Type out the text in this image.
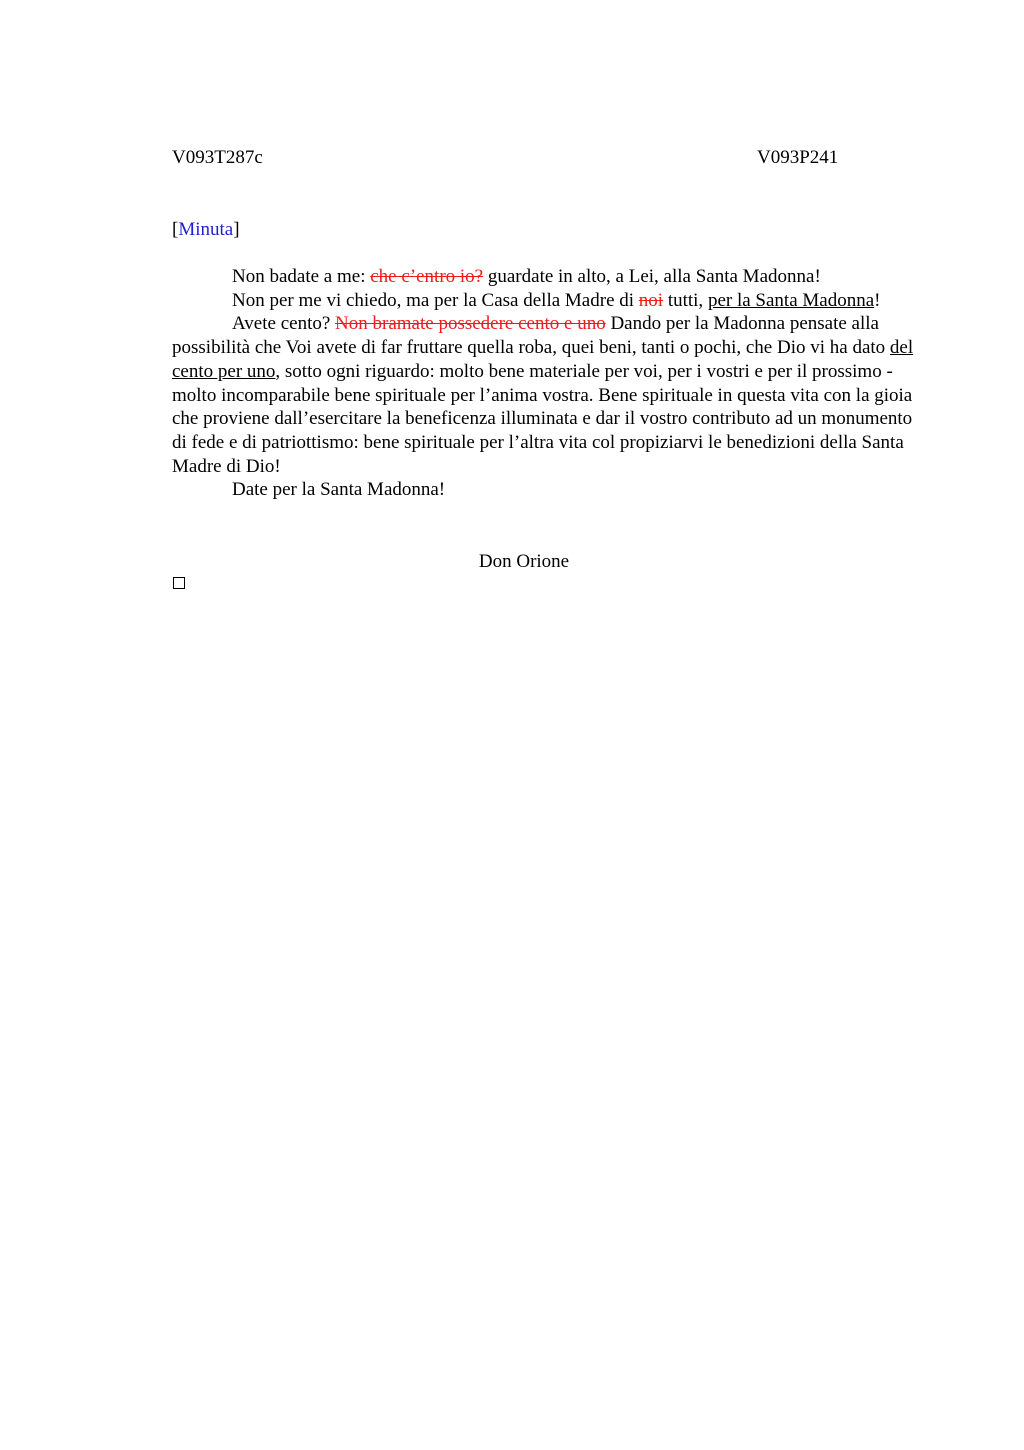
V093T287c	V093P241
[Minuta]

Non badate a me: che c’entro io? guardate in alto, a Lei, alla Santa Madonna!

Non per me vi chiedo, ma per la Casa della Madre di noi tutti, per la Santa Madonna!

Avete cento? Non bramate possedere cento e uno Dando per la Madonna pensate alla possibilità che Voi avete di far fruttare quella roba, quei beni, tanti o pochi, che Dio vi ha dato del cento per uno, sotto ogni riguardo: molto bene materiale per voi, per i vostri e per il prossimo - molto incomparabile bene spirituale per l’anima vostra. Bene spirituale in questa vita con la gioia che proviene dall’esercitare la beneficenza illuminata e dar il vostro contributo ad un monumento di fede e di patriottismo: bene spirituale per l’altra vita col propiziarvi le benedizioni della Santa Madre di Dio!

Date per la Santa Madonna!

Don Orione
